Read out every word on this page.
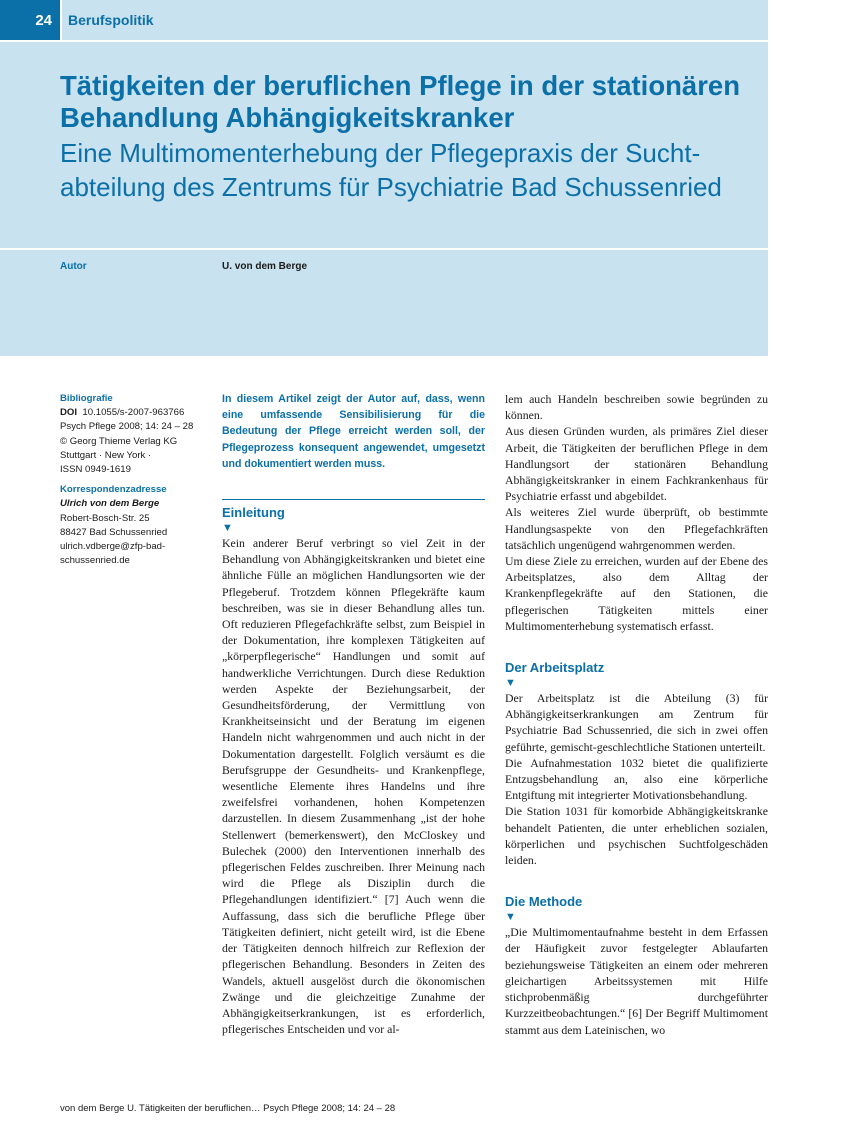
24	Berufspolitik
Tätigkeiten der beruflichen Pflege in der stationären Behandlung Abhängigkeitskranker
Eine Multimomenterhebung der Pflegepraxis der Sucht-abteilung des Zentrums für Psychiatrie Bad Schussenried
Autor	U. von dem Berge
Bibliografie
DOI 10.1055/s-2007-963766
Psych Pflege 2008; 14: 24 – 28
© Georg Thieme Verlag KG
Stuttgart · New York ·
ISSN 0949-1619
Korrespondenzadresse
Ulrich von dem Berge
Robert-Bosch-Str. 25
88427 Bad Schussenried
ulrich.vdberge@zfp-bad-
schussenried.de
In diesem Artikel zeigt der Autor auf, dass, wenn eine umfassende Sensibilisierung für die Bedeutung der Pflege erreicht werden soll, der Pflegeprozess konsequent angewendet, umgesetzt und dokumentiert werden muss.
Einleitung
▼
Kein anderer Beruf verbringt so viel Zeit in der Behandlung von Abhängigkeitskranken und bietet eine ähnliche Fülle an möglichen Handlungsorten wie der Pflegeberuf. Trotzdem können Pflegekräfte kaum beschreiben, was sie in dieser Behandlung alles tun. Oft reduzieren Pflegefachkräfte selbst, zum Beispiel in der Dokumentation, ihre komplexen Tätigkeiten auf „körperpflegerische“ Handlungen und somit auf handwerkliche Verrichtungen. Durch diese Reduktion werden Aspekte der Beziehungsarbeit, der Gesundheitsförderung, der Vermittlung von Krankheitseinsicht und der Beratung im eigenen Handeln nicht wahrgenommen und auch nicht in der Dokumentation dargestellt. Folglich versäumt es die Berufsgruppe der Gesundheits- und Krankenpflege, wesentliche Elemente ihres Handelns und ihre zweifelsfrei vorhandenen, hohen Kompetenzen darzustellen. In diesem Zusammenhang „ist der hohe Stellenwert (bemerkenswert), den McCloskey und Bulechek (2000) den Interventionen innerhalb des pflegerischen Feldes zuschreiben. Ihrer Meinung nach wird die Pflege als Disziplin durch die Pflegehandlungen identifiziert.“ [7] Auch wenn die Auffassung, dass sich die berufliche Pflege über Tätigkeiten definiert, nicht geteilt wird, ist die Ebene der Tätigkeiten dennoch hilfreich zur Reflexion der pflegerischen Behandlung. Besonders in Zeiten des Wandels, aktuell ausgelöst durch die ökonomischen Zwänge und die gleichzeitige Zunahme der Abhängigkeitserkrankungen, ist es erforderlich, pflegerisches Entscheiden und vor al-
lem auch Handeln beschreiben sowie begründen zu können.
Aus diesen Gründen wurden, als primäres Ziel dieser Arbeit, die Tätigkeiten der beruflichen Pflege in dem Handlungsort der stationären Behandlung Abhängigkeitskranker in einem Fachkrankenhaus für Psychiatrie erfasst und abgebildet.
Als weiteres Ziel wurde überprüft, ob bestimmte Handlungsaspekte von den Pflegefachkräften tatsächlich ungenügend wahrgenommen werden.
Um diese Ziele zu erreichen, wurden auf der Ebene des Arbeitsplatzes, also dem Alltag der Krankenpflegekräfte auf den Stationen, die pflegerischen Tätigkeiten mittels einer Multimomenterhebung systematisch erfasst.
Der Arbeitsplatz
▼
Der Arbeitsplatz ist die Abteilung (3) für Abhängigkeitserkrankungen am Zentrum für Psychiatrie Bad Schussenried, die sich in zwei offen geführte, gemischt-geschlechtliche Stationen unterteilt.
Die Aufnahmestation 1032 bietet die qualifizierte Entzugsbehandlung an, also eine körperliche Entgiftung mit integrierter Motivationsbehandlung.
Die Station 1031 für komorbide Abhängigkeitskranke behandelt Patienten, die unter erheblichen sozialen, körperlichen und psychischen Suchtfolgeschäden leiden.
Die Methode
▼
„Die Multimomentaufnahme besteht in dem Erfassen der Häufigkeit zuvor festgelegter Ablaufarten beziehungsweise Tätigkeiten an einem oder mehreren gleichartigen Arbeitssystemen mit Hilfe stichprobenmäßig durchgeführter Kurzzeitbeobachtungen.“ [6] Der Begriff Multimoment stammt aus dem Lateinischen, wo
von dem Berge U. Tätigkeiten der beruflichen… Psych Pflege 2008; 14: 24 – 28
